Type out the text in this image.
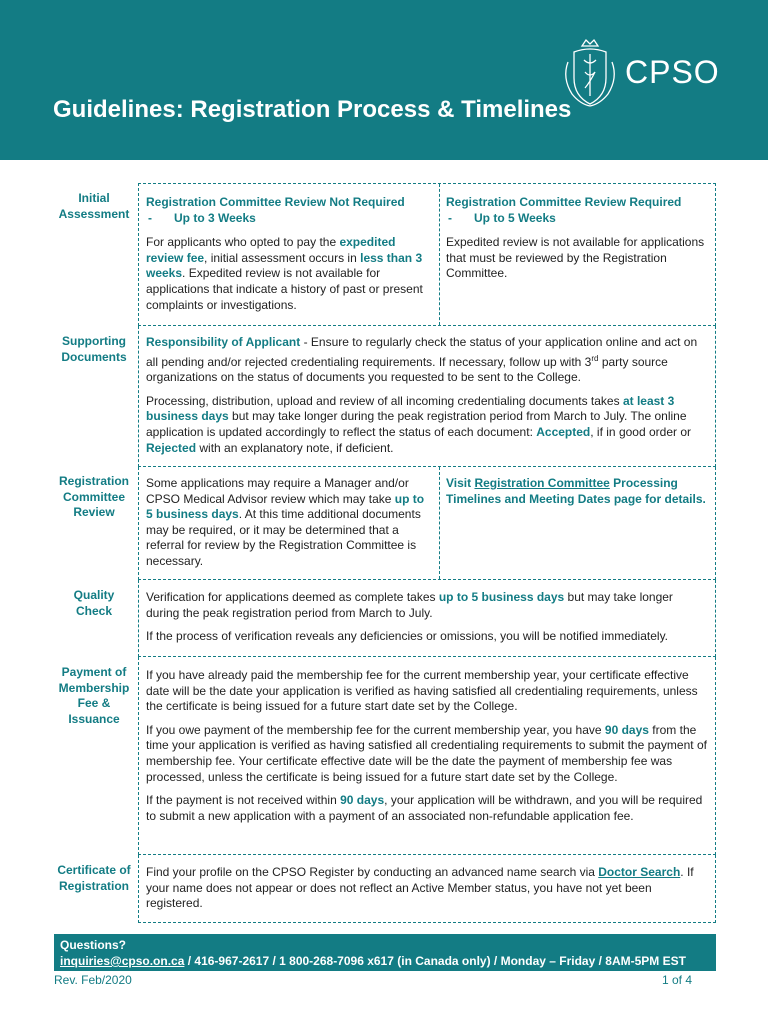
CPSO
Guidelines: Registration Process & Timelines
Initial Assessment

Registration Committee Review Not Required

- Up to 3 Weeks

For applicants who opted to pay the expedited review fee, initial assessment occurs in less than 3 weeks. Expedited review is not available for applications that indicate a history of past or present complaints or investigations.

Registration Committee Review Required

- Up to 5 Weeks

Expedited review is not available for applications that must be reviewed by the Registration Committee.

Supporting Documents

Responsibility of Applicant - Ensure to regularly check the status of your application online and act on all pending and/or rejected credentialing requirements. If necessary, follow up with 3rd party source organizations on the status of documents you requested to be sent to the College.

Processing, distribution, upload and review of all incoming credentialing documents takes at least 3 business days but may take longer during the peak registration period from March to July. The online application is updated accordingly to reflect the status of each document: Accepted, if in good order or Rejected with an explanatory note, if deficient.

Registration Committee Review

Some applications may require a Manager and/or CPSO Medical Advisor review which may take up to 5 business days. At this time additional documents may be required, or it may be determined that a referral for review by the Registration Committee is necessary.

Visit Registration Committee Processing Timelines and Meeting Dates page for details.

Quality Check

Verification for applications deemed as complete takes up to 5 business days but may take longer during the peak registration period from March to July.

If the process of verification reveals any deficiencies or omissions, you will be notified immediately.

Payment of Membership Fee & Issuance

If you have already paid the membership fee for the current membership year, your certificate effective date will be the date your application is verified as having satisfied all credentialing requirements, unless the certificate is being issued for a future start date set by the College.

If you owe payment of the membership fee for the current membership year, you have 90 days from the time your application is verified as having satisfied all credentialing requirements to submit the payment of membership fee. Your certificate effective date will be the date the payment of membership fee was processed, unless the certificate is being issued for a future start date set by the College.

If the payment is not received within 90 days, your application will be withdrawn, and you will be required to submit a new application with a payment of an associated non-refundable application fee.

Certificate of Registration

Find your profile on the CPSO Register by conducting an advanced name search via Doctor Search. If your name does not appear or does not reflect an Active Member status, you have not yet been registered.

Questions?
inquiries@cpso.on.ca / 416-967-2617 / 1 800-268-7096 x617 (in Canada only) / Monday – Friday / 8AM-5PM EST
Rev. Feb/2020	1 of 4
